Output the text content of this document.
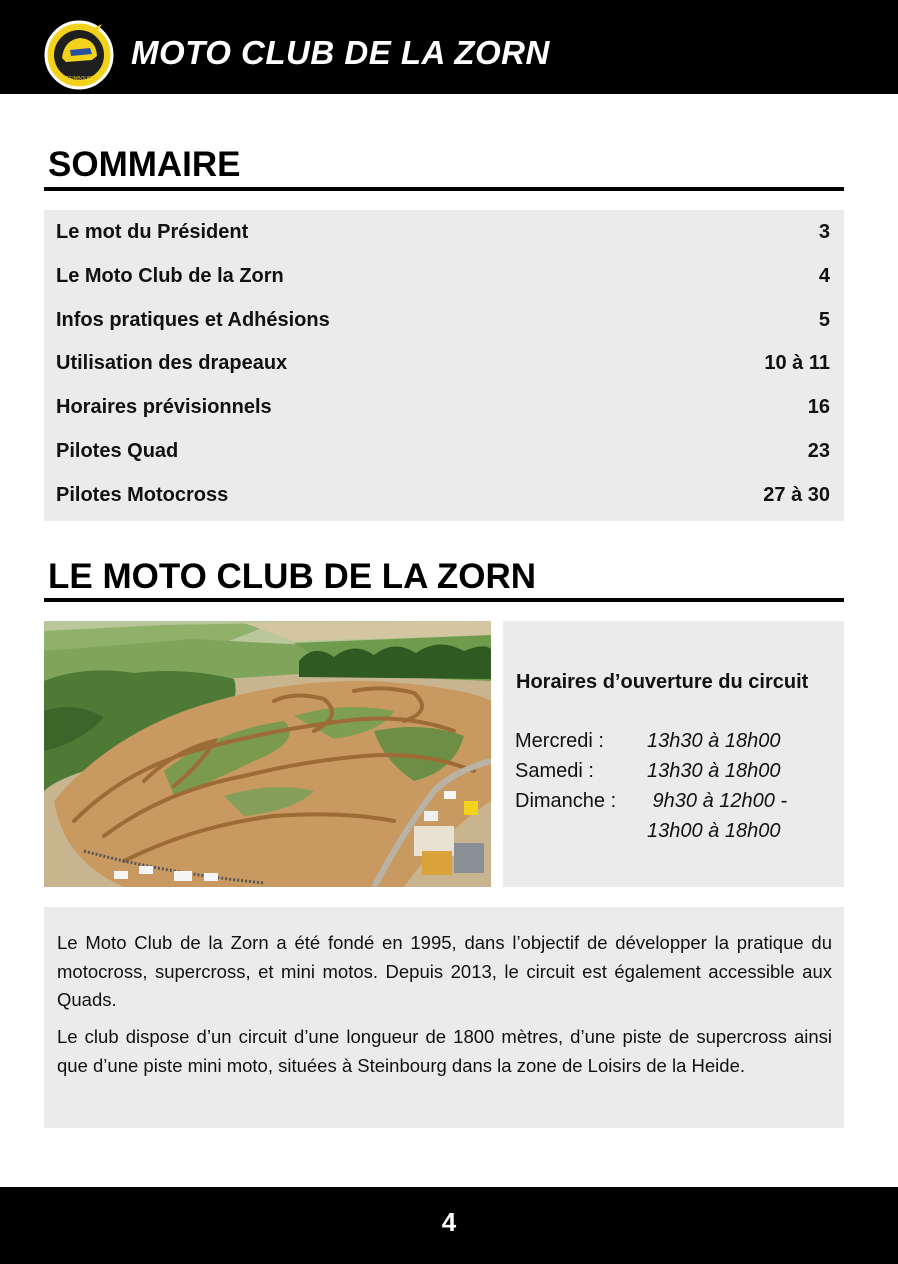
STEINBOURG
MOTO CLUB DE LA ZORN
SOMMAIRE
Le mot du Président	3
Le Moto Club de la Zorn	4
Infos pratiques et Adhésions	5
Utilisation des drapeaux	10 à 11
Horaires prévisionnels	16
Pilotes Quad	23
Pilotes Motocross	27 à 30
LE MOTO CLUB DE LA ZORN
Horaires d’ouverture du circuit
Mercredi : 13h30 à 18h00
Samedi :	13h30 à 18h00
Dimanche : 9h30 à 12h00 -
13h00 à 18h00

Le Moto Club de la Zorn a été fondé en 1995, dans l’objectif de développer la pratique du motocross, supercross, et mini motos. Depuis 2013, le circuit est également accessible aux Quads.

Le club dispose d’un circuit d’une longueur de 1800 mètres, d’une piste de supercross ainsi que d’une piste mini moto, situées à Steinbourg dans la zone de Loisirs de la Heide.

4
